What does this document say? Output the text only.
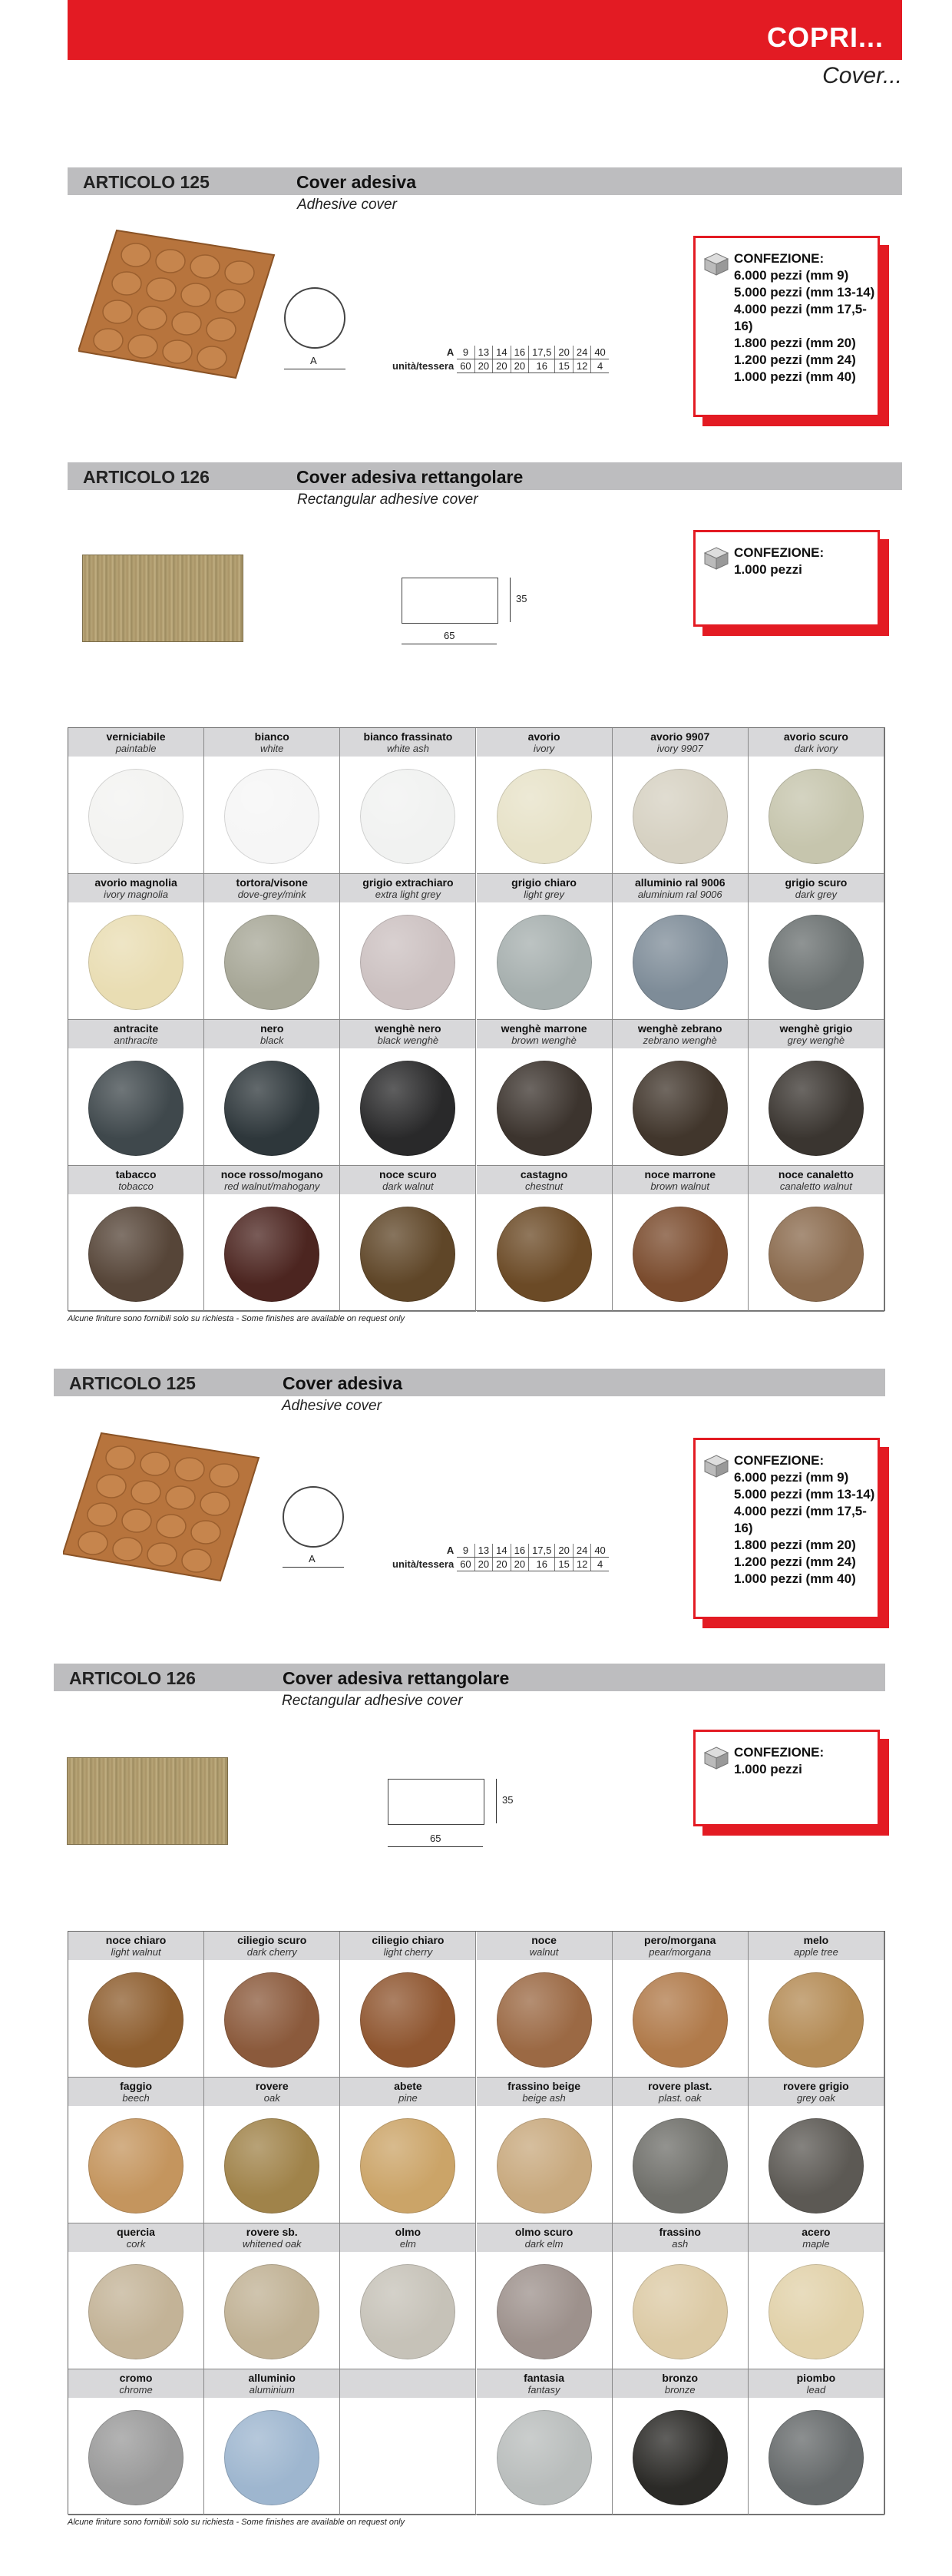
COPRI...
Cover...
ARTICOLO 125	Cover adesiva
Adhesive cover
A
A	9	13	14	16	17,5	20	24	40
unità/tessera	60	20	20	20	16	15	12	4
CONFEZIONE:
6.000 pezzi (mm 9)
5.000 pezzi (mm 13-14)
4.000 pezzi (mm 17,5-16)
1.800 pezzi (mm 20)
1.200 pezzi (mm 24)
1.000 pezzi (mm 40)
ARTICOLO 126	Cover adesiva rettangolare
Rectangular adhesive cover
65
35
CONFEZIONE:
1.000 pezzi
verniciabile
paintable
bianco
white
bianco frassinato
white ash
avorio
ivory
avorio 9907
ivory 9907
avorio scuro
dark ivory
avorio magnolia
ivory magnolia
tortora/visone
dove-grey/mink
grigio extrachiaro
extra light grey
grigio chiaro
light grey
alluminio ral 9006
aluminium ral 9006
grigio scuro
dark grey
antracite
anthracite
nero
black
wenghè nero
black wenghè
wenghè marrone
brown wenghè
wenghè zebrano
zebrano wenghè
wenghè grigio
grey wenghè
tabacco
tobacco
noce rosso/mogano
red walnut/mahogany
noce scuro
dark walnut
castagno
chestnut
noce marrone
brown walnut
noce canaletto
canaletto walnut
Alcune finiture sono fornibili solo su richiesta - Some finishes are available on request only
ARTICOLO 125	Cover adesiva
Adhesive cover
A
A	9	13	14	16	17,5	20	24	40
unità/tessera	60	20	20	20	16	15	12	4
CONFEZIONE:
6.000 pezzi (mm 9)
5.000 pezzi (mm 13-14)
4.000 pezzi (mm 17,5-16)
1.800 pezzi (mm 20)
1.200 pezzi (mm 24)
1.000 pezzi (mm 40)
ARTICOLO 126	Cover adesiva rettangolare
Rectangular adhesive cover
65
35
CONFEZIONE:
1.000 pezzi
noce chiaro
light walnut
ciliegio scuro
dark cherry
ciliegio chiaro
light cherry
noce
walnut
pero/morgana
pear/morgana
melo
apple tree
faggio
beech
rovere
oak
abete
pine
frassino beige
beige ash
rovere plast.
plast. oak
rovere grigio
grey oak
quercia
cork
rovere sb.
whitened oak
olmo
elm
olmo scuro
dark elm
frassino
ash
acero
maple
cromo
chrome
alluminio
aluminium
fantasia
fantasy
bronzo
bronze
piombo
lead
Alcune finiture sono fornibili solo su richiesta - Some finishes are available on request only
